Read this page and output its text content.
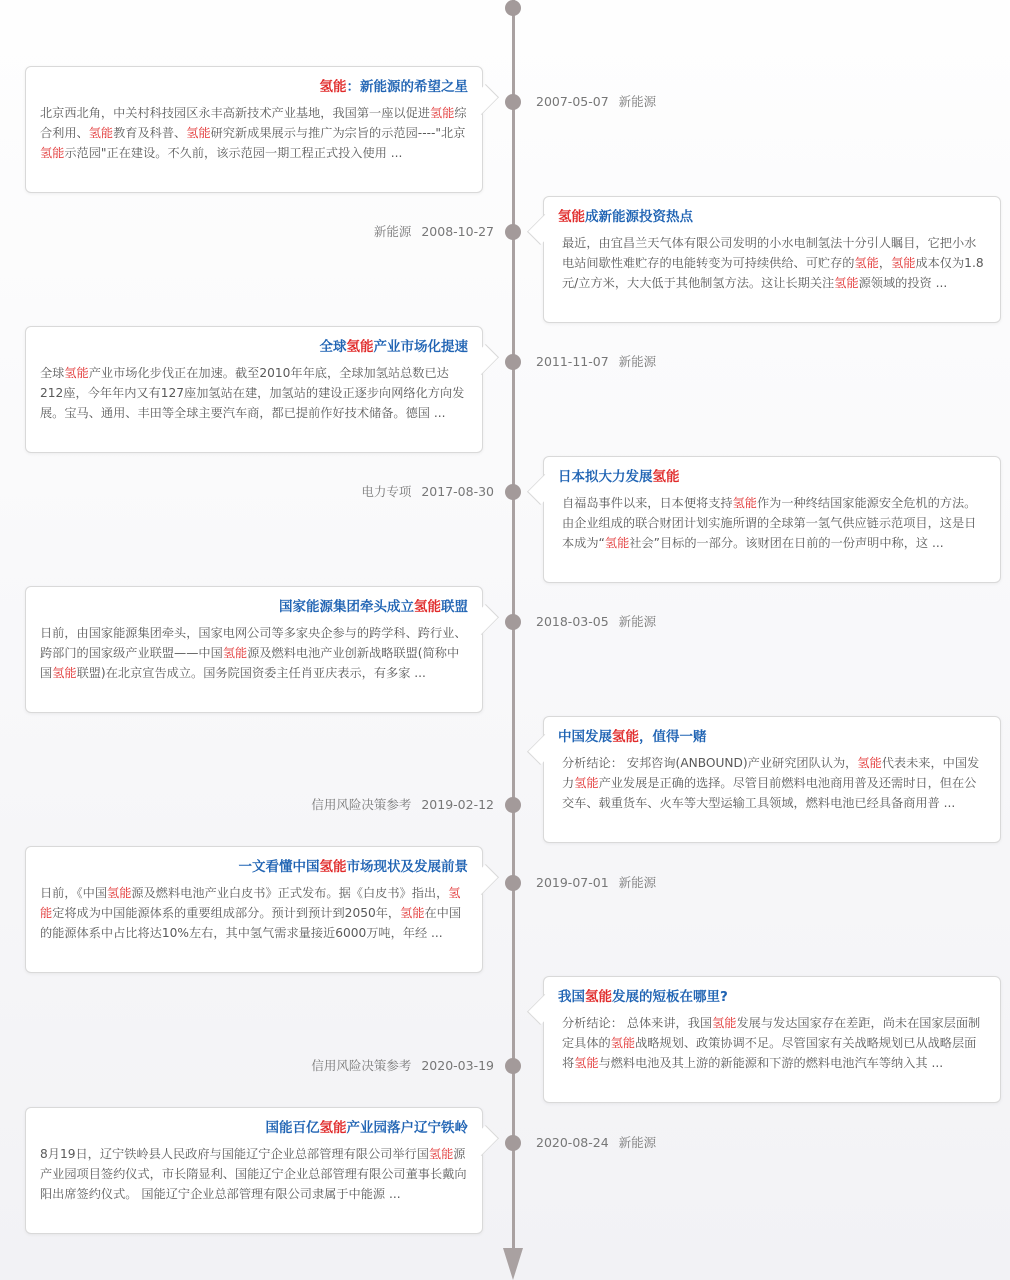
氢能：新能源的希望之星
北京西北角，中关村科技园区永丰高新技术产业基地，我国第一座以促进氢能综合利用、氢能教育及科普、氢能研究新成果展示与推广为宗旨的示范园----"北京氢能示范园"正在建设。不久前，该示范园一期工程正式投入使用 ...
2007-05-07 新能源
氢能成新能源投资热点
最近，由宜昌兰天气体有限公司发明的小水电制氢法十分引人瞩目，它把小水电站间歇性难贮存的电能转变为可持续供给、可贮存的氢能，氢能成本仅为1.8元/立方米，大大低于其他制氢方法。这让长期关注氢能源领域的投资 ...
新能源 2008-10-27
全球氢能产业市场化提速
全球氢能产业市场化步伐正在加速。截至2010年年底，全球加氢站总数已达212座，今年年内又有127座加氢站在建，加氢站的建设正逐步向网络化方向发展。宝马、通用、丰田等全球主要汽车商，都已提前作好技术储备。德国 ...
2011-11-07 新能源
日本拟大力发展氢能
自福岛事件以来，日本便将支持氢能作为一种终结国家能源安全危机的方法。 由企业组成的联合财团计划实施所谓的全球第一氢气供应链示范项目，这是日本成为“氢能社会”目标的一部分。该财团在日前的一份声明中称，这 ...
电力专项 2017-08-30
国家能源集团牵头成立氢能联盟
日前，由国家能源集团牵头，国家电网公司等多家央企参与的跨学科、跨行业、跨部门的国家级产业联盟——中国氢能源及燃料电池产业创新战略联盟(简称中国氢能联盟)在北京宣告成立。国务院国资委主任肖亚庆表示，有多家 ...
2018-03-05 新能源
中国发展氢能，值得一赌
分析结论： 安邦咨询(ANBOUND)产业研究团队认为，氢能代表未来，中国发力氢能产业发展是正确的选择。尽管目前燃料电池商用普及还需时日，但在公交车、载重货车、火车等大型运输工具领域，燃料电池已经具备商用普 ...
信用风险决策参考 2019-02-12
一文看懂中国氢能市场现状及发展前景
日前，《中国氢能源及燃料电池产业白皮书》正式发布。据《白皮书》指出，氢能定将成为中国能源体系的重要组成部分。预计到预计到2050年，氢能在中国的能源体系中占比将达10%左右，其中氢气需求量接近6000万吨，年经 ...
2019-07-01 新能源
我国氢能发展的短板在哪里?
分析结论： 总体来讲，我国氢能发展与发达国家存在差距，尚未在国家层面制定具体的氢能战略规划、政策协调不足。尽管国家有关战略规划已从战略层面将氢能与燃料电池及其上游的新能源和下游的燃料电池汽车等纳入其 ...
信用风险决策参考 2020-03-19
国能百亿氢能产业园落户辽宁铁岭
8月19日，辽宁铁岭县人民政府与国能辽宁企业总部管理有限公司举行国氢能源产业园项目签约仪式，市长隋显利、国能辽宁企业总部管理有限公司董事长戴向阳出席签约仪式。 国能辽宁企业总部管理有限公司隶属于中能源 ...
2020-08-24 新能源
